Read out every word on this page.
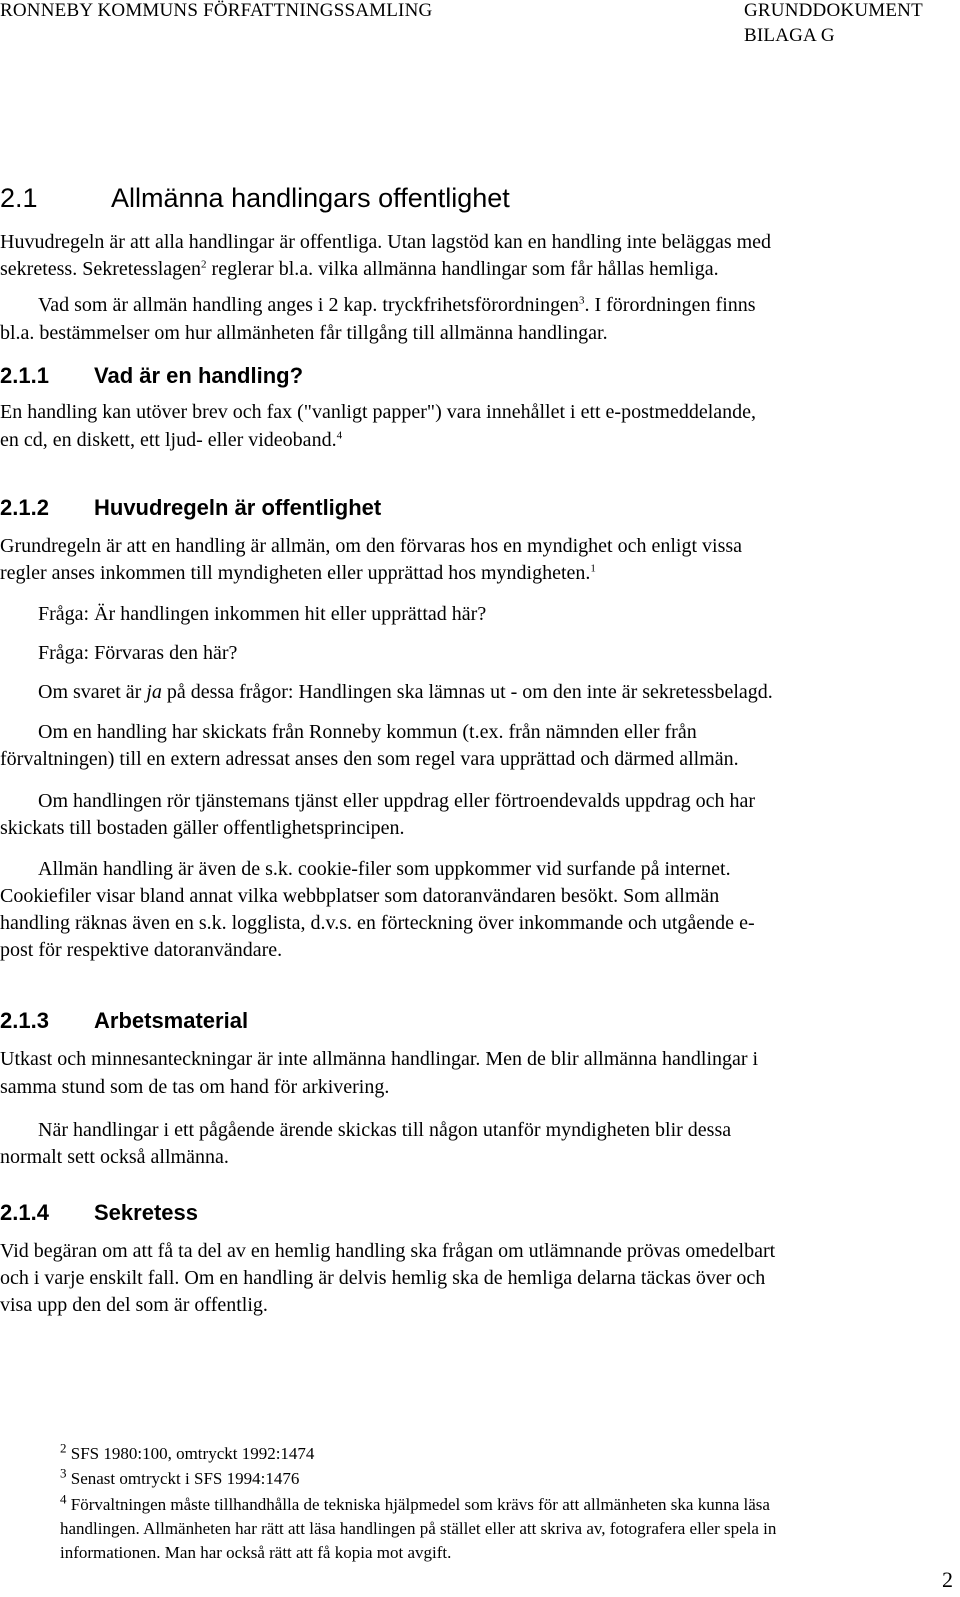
RONNEBY KOMMUNS FÖRFATTNINGSSAMLING	GRUNDDOKUMENT
BILAGA G
2.1	Allmänna handlingars offentlighet
Huvudregeln är att alla handlingar är offentliga. Utan lagstöd kan en handling inte beläggas med
sekretess. Sekretesslagen$^2$ reglerar bl.a. vilka allmänna handlingar som får hållas hemliga.
Vad som är allmän handling anges i 2 kap. tryckfrihetsförordningen$^3$. I förordningen finns
bl.a. bestämmelser om hur allmänheten får tillgång till allmänna handlingar.
2.1.1 Vad är en handling?
En handling kan utöver brev och fax ("vanligt papper") vara innehållet i ett e-postmeddelande,
en cd, en diskett, ett ljud- eller videoband.$^4$
2.1.2 Huvudregeln är offentlighet
Grundregeln är att en handling är allmän, om den förvaras hos en myndighet och enligt vissa
regler anses inkommen till myndigheten eller upprättad hos myndigheten.$^1$
Fråga: Är handlingen inkommen hit eller upprättad här?
Fråga: Förvaras den här?
Om svaret är ja på dessa frågor: Handlingen ska lämnas ut - om den inte är sekretessbelagd.
Om en handling har skickats från Ronneby kommun (t.ex. från nämnden eller från
förvaltningen) till en extern adressat anses den som regel vara upprättad och därmed allmän.
Om handlingen rör tjänstemans tjänst eller uppdrag eller förtroendevalds uppdrag och har
skickats till bostaden gäller offentlighetsprincipen.
Allmän handling är även de s.k. cookie-filer som uppkommer vid surfande på internet.
Cookiefiler visar bland annat vilka webbplatser som datoranvändaren besökt. Som allmän
handling räknas även en s.k. logglista, d.v.s. en förteckning över inkommande och utgående e-
post för respektive datoranvändare.
2.1.3 Arbetsmaterial
Utkast och minnesanteckningar är inte allmänna handlingar. Men de blir allmänna handlingar i
samma stund som de tas om hand för arkivering.
När handlingar i ett pågående ärende skickas till någon utanför myndigheten blir dessa
normalt sett också allmänna.
2.1.4 Sekretess
Vid begäran om att få ta del av en hemlig handling ska frågan om utlämnande prövas omedelbart
och i varje enskilt fall. Om en handling är delvis hemlig ska de hemliga delarna täckas över och
visa upp den del som är offentlig.
$^2$ SFS 1980:100, omtryckt 1992:1474
$^3$ Senast omtryckt i SFS 1994:1476
$^4$ Förvaltningen måste tillhandhålla de tekniska hjälpmedel som krävs för att allmänheten ska kunna läsa
handlingen. Allmänheten har rätt att läsa handlingen på stället eller att skriva av, fotografera eller spela in
informationen. Man har också rätt att få kopia mot avgift.
2
